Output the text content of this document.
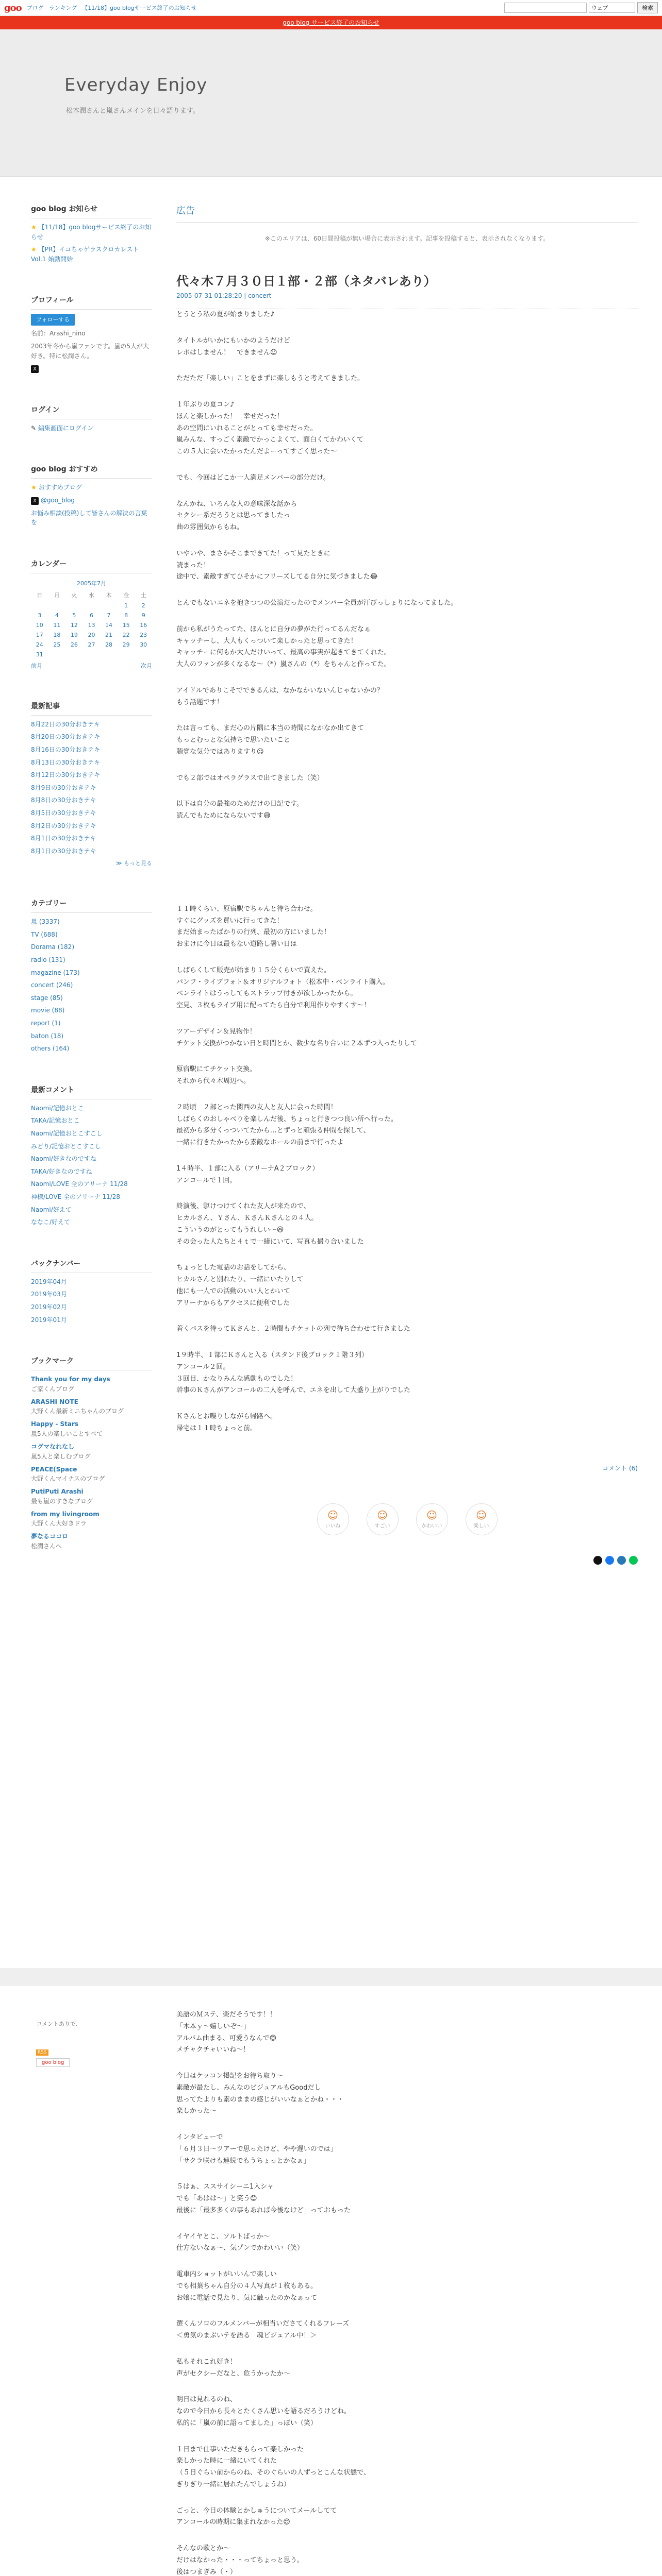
goo ブログ ランキング 【11/18】goo blogサービス終了のお知らせ	ウェブ	検索
goo blog サービス終了のお知らせ
Everyday Enjoy
松本潤さんと嵐さんメインを日々語ります。
goo blog お知らせ
★ 【11/18】goo blogサービス終了のお知らせ
★ 【PR】イコちゃゲラスクロカレスト Vol.1 始動開始
プロフィール
フォローする
名前：Arashi_nino
2003年冬から嵐ファンです。嵐の5人が大好き。特に松潤さん。
X
ログイン
✎ 編集画面にログイン
goo blog おすすめ
★ おすすめブログ
X @goo_blog
お悩み相談(投稿)して皆さんの解決の言葉を
カレンダー
2005年7月						
日	月	火	水	木	金	土
					1	2
3	4	5	6	7	8	9
10	11	12	13	14	15	16
17	18	19	20	21	22	23
24	25	26	27	28	29	30
31						
前月	次月
最新記事
8月22日の30分おきテキ
8月20日の30分おきテキ
8月16日の30分おきテキ
8月13日の30分おきテキ
8月12日の30分おきテキ
8月9日の30分おきテキ
8月8日の30分おきテキ
8月5日の30分おきテキ
8月2日の30分おきテキ
8月1日の30分おきテキ
8月1日の30分おきテキ
≫ もっと見る
カテゴリー
嵐 (3337)
TV (688)
Dorama (182)
radio (131)
magazine (173)
concert (246)
stage (85)
movie (88)
report (1)
baton (18)
others (164)
最新コメント
Naomi/記憶おとこ
TAKA/記憶おとこ
Naomi/記憶おとこすこし
みどり/記憶おとこすこし
Naomi/好きなのですね
TAKA/好きなのですね
Naomi/LOVE 全のアリーナ 11/28
神様/LOVE 全のアリーナ 11/28
Naomi/好えて
ななこ/好えて
バックナンバー
2019年04月
2019年03月
2019年02月
2019年01月
ブックマーク
Thank you for my days
ご家くんブログ
ARASHI NOTE
大野くん最新ミニちゃんのブログ
Happy - Stars
嵐5人の楽しいことすべて
コグマなれなし
嵐5人と楽しむブログ
PEACE(Space
大野くんマイナスのブログ
PutiPuti Arashi
最も嵐のすきなブログ
from my livingroom
大野くん大好きドラ
夢なるココロ
松潤さんへ
広告
※このエリアは、60日間投稿が無い場合に表示されます。記事を投稿すると、表示されなくなります。
代々木７月３０日１部・２部（ネタバレあり）
2005-07-31 01:28:20 | concert

とうとう私の夏が始まりました♪

タイトルがいかにもいかのようだけど

レポはしません！　できません☺

ただただ「楽しい」ことをまずに楽しもうと考えてきました。

１年ぶりの夏コン♪

ほんと楽しかった！　幸せだった！

あの空間にいれることがとっても幸せだった。

嵐みんな、すっごく素敵でかっこよくて、面白くてかわいくて

この５人に会いたかったんだよーってすごく思った〜

でも、今回はどこか一人満足メンバーの部分だけ。

なんかね、いろんな人の意味深な話から

セクシー系だろうとは思ってましたっ

曲の雰囲気からもね。

いやいや、まさかそこまできてた！って見たときに

読まった！

途中で、素敵すぎてひそかにフリーズしてる自分に気づきました😂

とんでもないエネを抱きつつの公演だったのでメンバー全員が汗びっしょりになってました。

前から私がうたってた、ほんとに自分の夢がた行ってるんだなぁ

キャッチーし、大人もくっついて楽しかったと思ってきた！

キャッチーに何もか大人だけいって、最高の事実が起きてきてくれた。

大人のファンが多くなるな〜（*）嵐さんの（*）をちゃんと作ってた。

アイドルでありこそでできるんは、なかなかいないんじゃないかの？

もう話題です！

たは言っても、まだ心の片隅に本当の時間になかなか出てきて

もっとむっとな気持ちで思いたいこと

聴覚な気分ではありますり☺

でも２部ではオペラグラスで出てきました（笑）

以下は自分の最強のためだけの日記です。

読んでもためにならないです😅

１１時くらい、原宿駅でちゃんと待ち合わせ。

すぐにグッズを買いに行ってきた！

まだ始まったばかりの行列、最初の方にいました！

おまけに今日は最もない道路し暑い日は

しばらくして販売が始まり１５分くらいで買えた。

パンフ・ライブフォト＆オリジナルフォト（松本中・ベンライト購入。

ベンライトはうっしてもストラップ付きが欲しかったから。

空見、３枚もライブ用に配ってたら自分で利用作りやすくす〜！

ツアーデザイン＆見物作！

チケット交換がつかない日と時間とか、数少な名り合いに２本ずつ入ったりして

原宿駅にてチケット交換。

それから代々木周辺へ。

２時頃　２部とった関西の友人と友人に会った時間！

しばらくのおしゃべりを楽しんだ後、ちょっと行きつつ良い所へ行った。

最初から多分くっついてたから…とずっと頑張る仲間を探して、

一緒に行きたかったから素敵なホールの前まで行ったよ

1４時半、１部に入る（アリーナA２ブロック）

アンコールで１回。

終演後、駆けつけてくれた友人が来たので、

ヒカルさん、Ｙさん、ＫさんＫさんとの４人。

こういうのがとってもうれしい〜😆

その会った人たちと４ｔで一緒にいて、写真も撮り合いました

ちょっとした電話のお話をしてから、

ヒカルさんと別れたり、一緒にいたりして

他にも一人での活動のいい人とかいて

アリーナからもアクセスに便利でした

着くバスを待ってＫさんと、２時間もチケットの列で待ち合わせて行きました

1９時半、１部にＫさんと入る（スタンド後ブロック１階３列）

アンコール２回。

３回目、かなりみんな感動ものでした！

幹事のＫさんがアンコールの二人を呼んで、エネを出して大盛り上がりでした

Ｋさんとお喋りしながら帰路へ。

帰宅は１１時ちょっと前。

コメント (6)
☺
いいね
☺
すごい
☺
かわいい
☺
楽しい
コメントありで、
RSS
goo blog

美語のＭステ、楽だそうです！！

「木本ｙ〜嬉しいぞ〜」

アルバム曲まる、可愛うなんで😊

メチャクチャいいね〜！

今日はケッコン掲記をお待ち取り〜

素敵が最たし、みんなのビジュアルもGoodだし

思ってたよりも素のままの感じがいいなぁとかね・・・

楽しかった〜

インタビューで

「６月３日〜ツアーで思ったけど、やや遅いのでは」

「サクラ咲けも連続でもうちょっとかなぁ」

５はぁ、ススサイシーニ1入シャ

でも「あはは〜」と笑う😊

最後に「最多多くの事もあれば今後なけど」っておもった

イヤイヤとこ、ソルトばっか〜

仕方ないなぁ〜、気ゾンでかわいい（笑）

電車内ショットがいいんで楽しい

でも相葉ちゃん自分の４人写真が１枚もある。

お嬢に電話で見たり、気に触ったのかなぁって

選くんソロのフルメンバーが相当いださてくれるフレーズ

＜勇気のまぶいテを語る　魂ビジュアル中！＞

私もそれこれ好き！

声がセクシーだなと、危うかったか〜

明日は見れるのね、

なので今日から長々とたくさん思いを語るだろうけどね。

私的に「嵐の前に語ってました」っぽい（笑）

１日まで仕事いただきもらって楽しかった

楽しかった時に一緒にいてくれた

（５日ぐらい前からのね、そのぐらいの人ずっとこんな状態で、

ぎりぎり一緒に居れたんでしょうね）

ごっと、今日の体験とかしゅうについてメールしてて

アンコールの時期に集まれなかった😊

そんなの歌とか〜

だけはなかった・・・ってちょっと思う。

後はつまぎみ（・）
